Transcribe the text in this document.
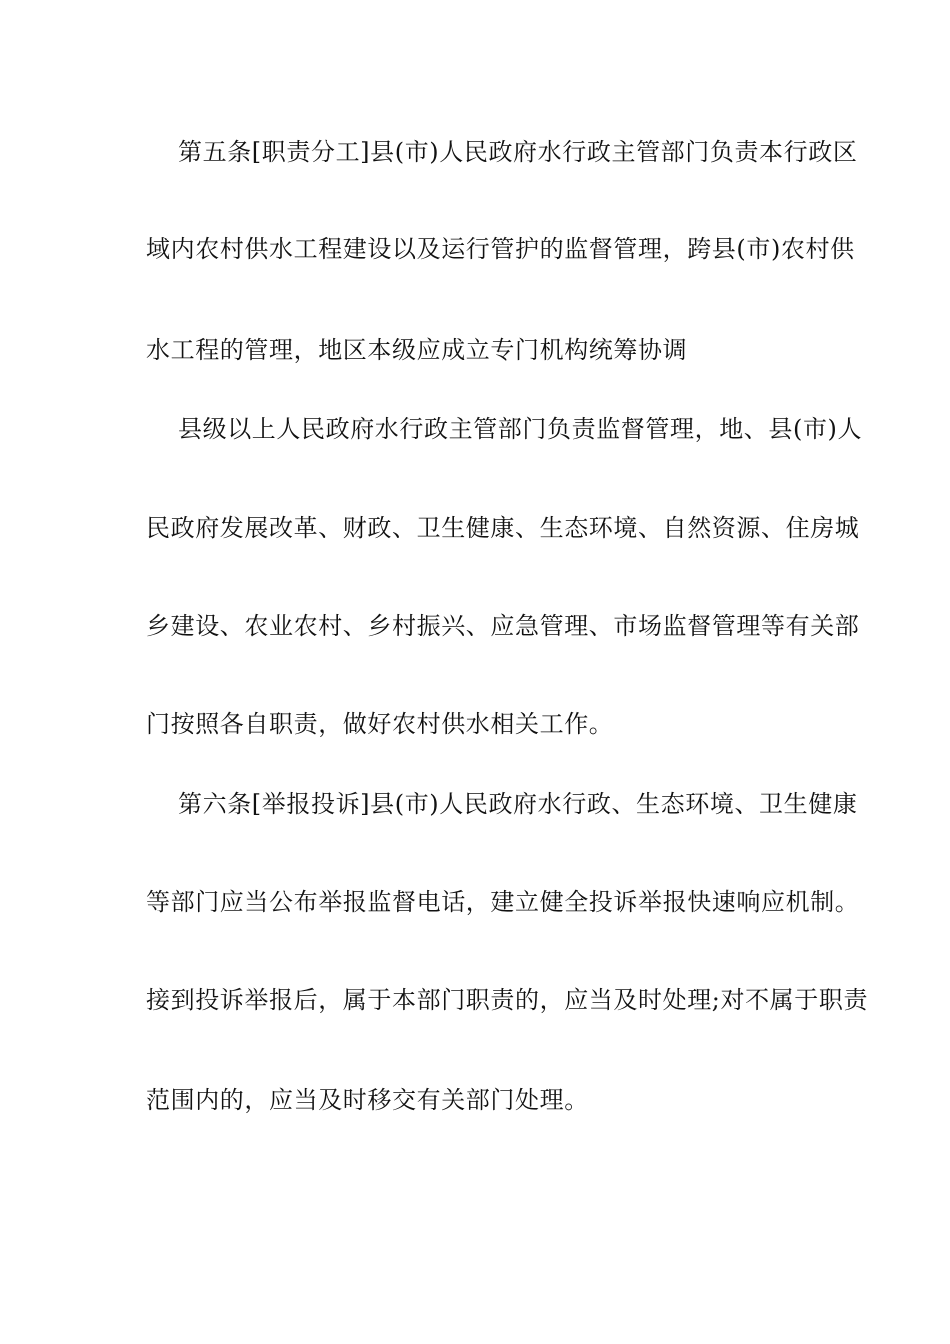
第五条[职责分工]县(市)人民政府水行政主管部门负责本行政区
域内农村供水工程建设以及运行管护的监督管理，跨县(市)农村供
水工程的管理，地区本级应成立专门机构统筹协调
县级以上人民政府水行政主管部门负责监督管理，地、县(市)人
民政府发展改革、财政、卫生健康、生态环境、自然资源、住房城
乡建设、农业农村、乡村振兴、应急管理、市场监督管理等有关部
门按照各自职责，做好农村供水相关工作。
第六条[举报投诉]县(市)人民政府水行政、生态环境、卫生健康
等部门应当公布举报监督电话，建立健全投诉举报快速响应机制。
接到投诉举报后，属于本部门职责的，应当及时处理;对不属于职责
范围内的，应当及时移交有关部门处理。
